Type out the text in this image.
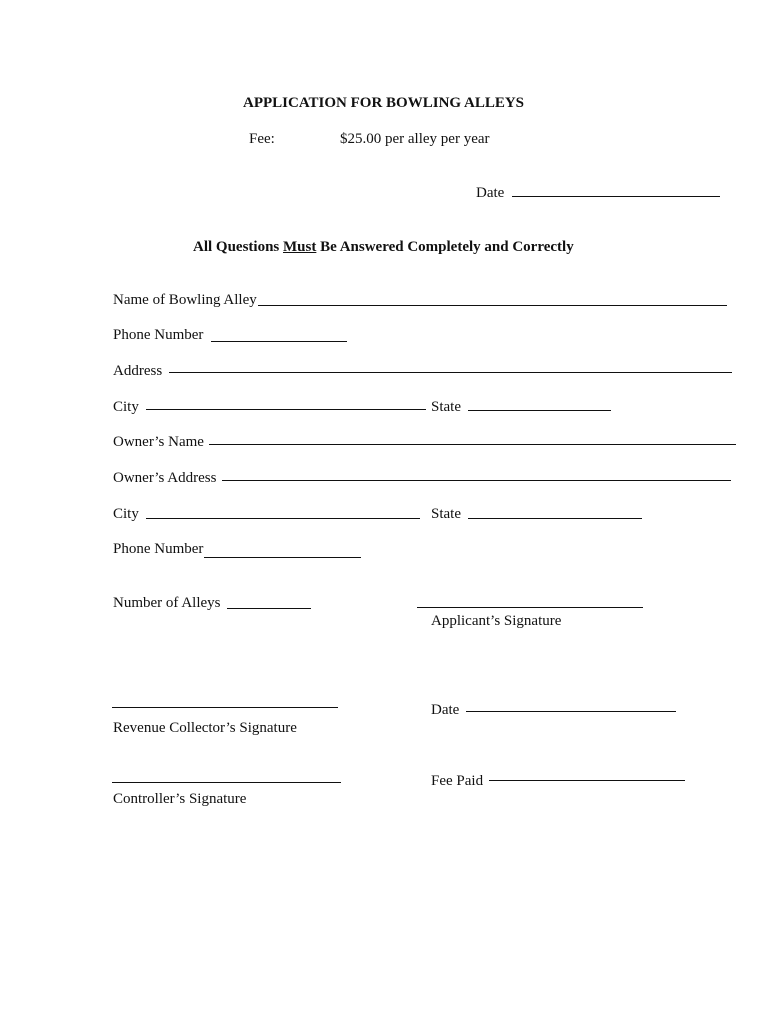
APPLICATION FOR BOWLING ALLEYS
Fee:	$25.00 per alley per year
Date
All Questions Must Be Answered Completely and Correctly
Name of Bowling Alley
Phone Number
Address
City	State
Owner’s Name
Owner’s Address
City	State
Phone Number
Number of Alleys
Applicant’s Signature
Revenue Collector’s Signature
Date
Controller’s Signature
Fee Paid
